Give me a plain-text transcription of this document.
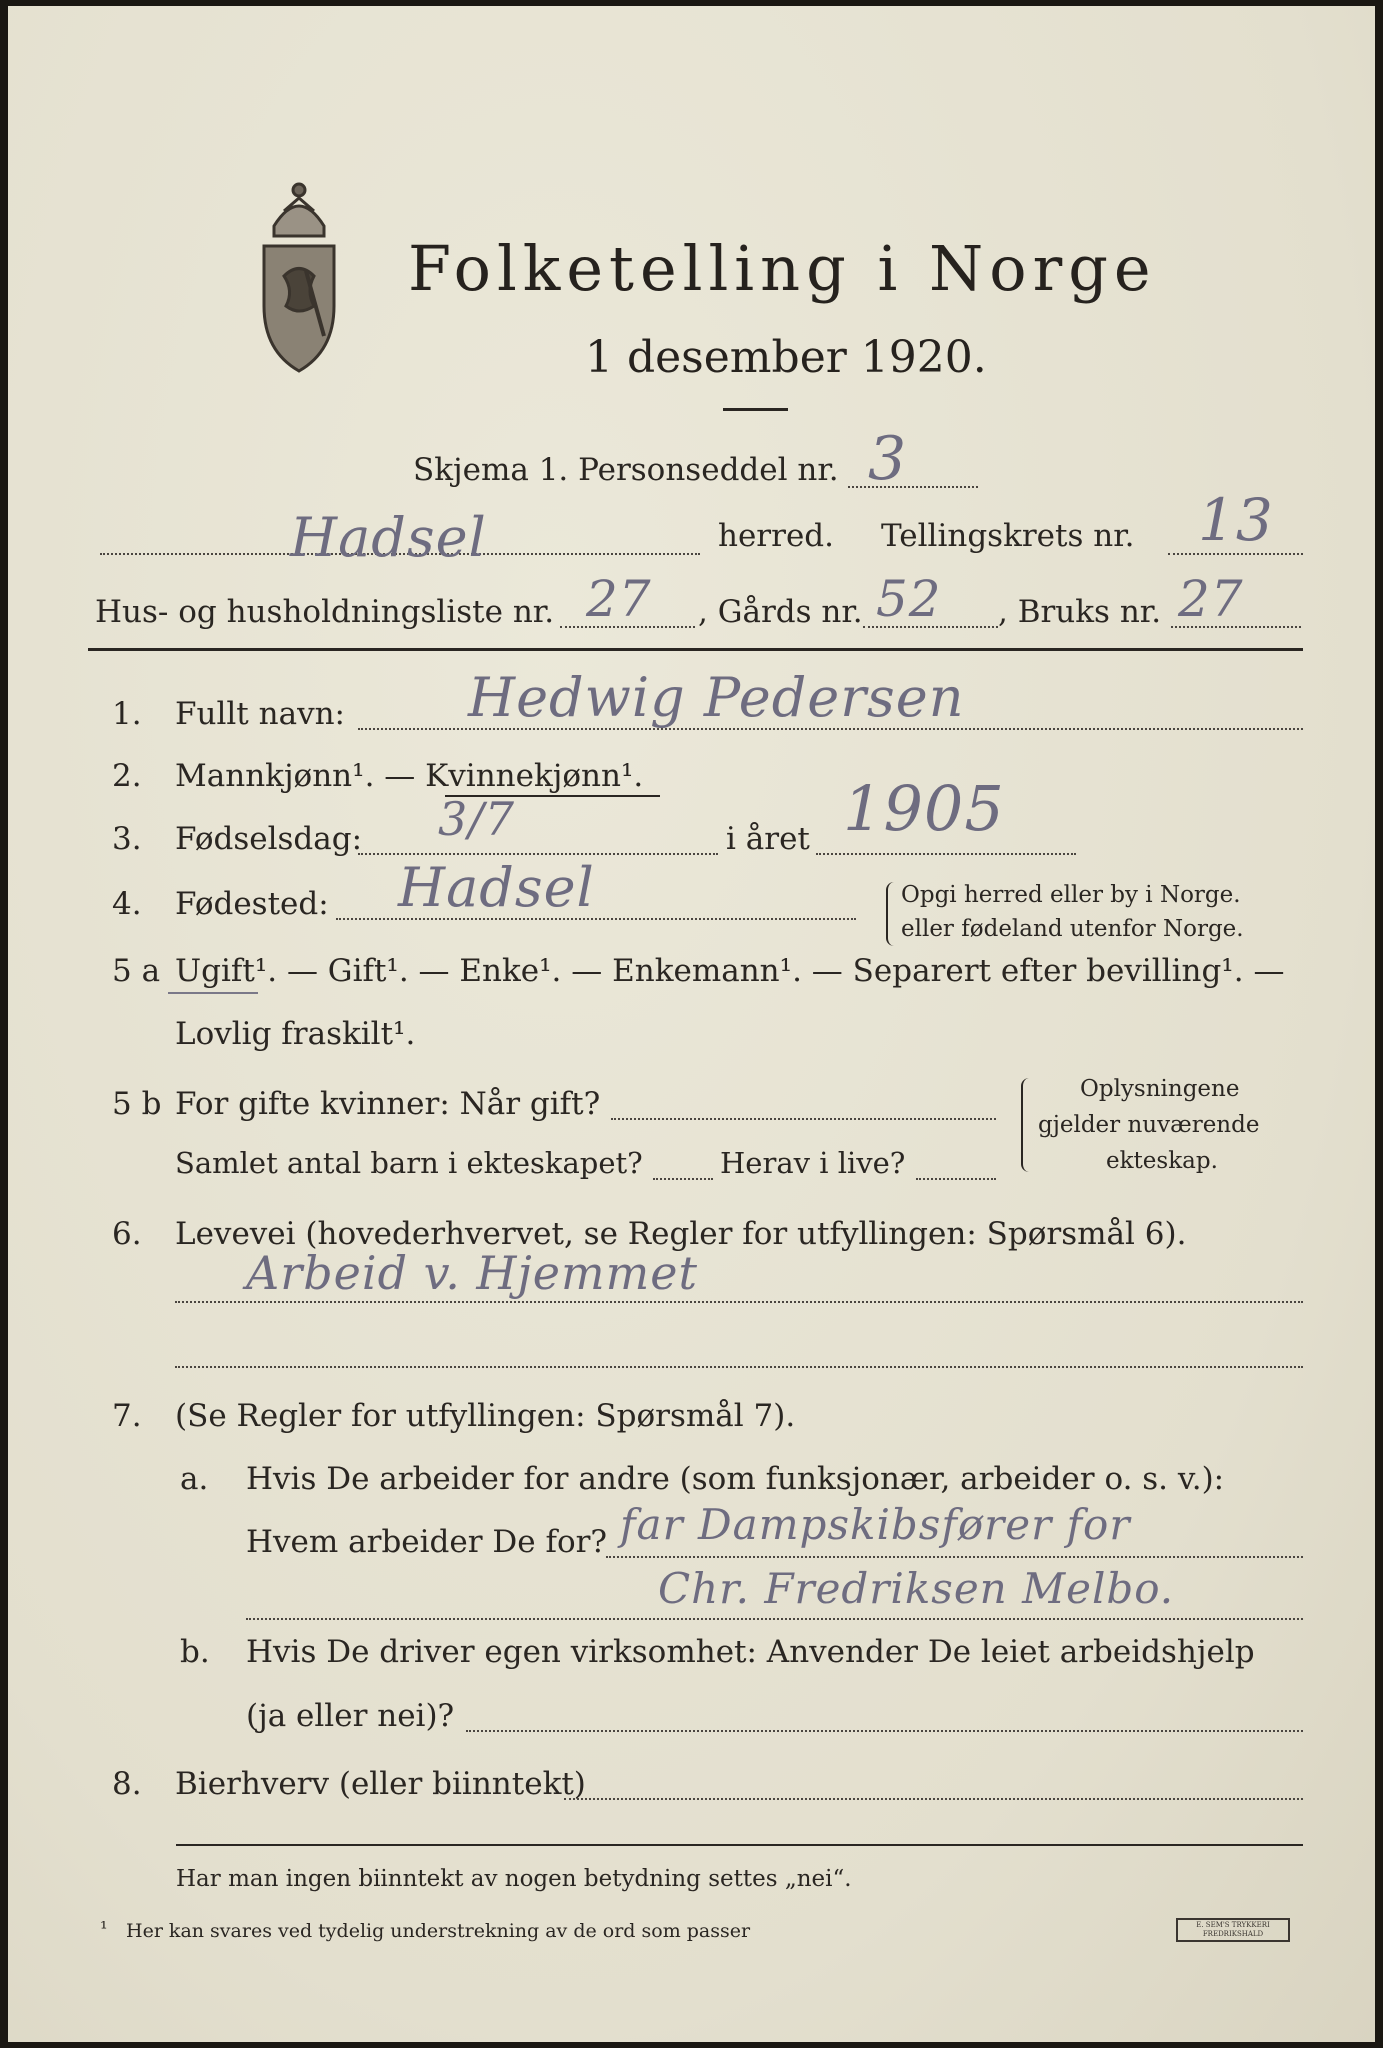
Folketelling i Norge
1 desember 1920.
Skjema 1. Personseddel nr. 3
Hadsel	herred. Tellingskrets nr. 13
Hus- og husholdningsliste nr. 27 , Gårds nr. 52 , Bruks nr. 27
1. Fullt navn: Hedwig Pedersen
2. Mannkjønn¹. — Kvinnekjønn¹.
3. Fødselsdag: 3/7	i året 1905
4. Fødested: Hadsel	Opgi herred eller by i Norge.
eller fødeland utenfor Norge.
5 a Ugift¹. — Gift¹. — Enke¹. — Enkemann¹. — Separert efter bevilling¹. —
Lovlig fraskilt¹.
5 b For gifte kvinner: Når gift?
Samlet antal barn i ekteskapet?	Herav i live?
Oplysningene
gjelder nuværende
ekteskap.
6. Levevei (hovederhvervet, se Regler for utfyllingen: Spørsmål 6).
Arbeid v. Hjemmet
7. (Se Regler for utfyllingen: Spørsmål 7).
a. Hvis De arbeider for andre (som funksjonær, arbeider o. s. v.):
Hvem arbeider De for? far Dampskibsfører for
Chr. Fredriksen Melbo.
b. Hvis De driver egen virksomhet: Anvender De leiet arbeidshjelp
(ja eller nei)?
8. Bierhverv (eller biinntekt)
Har man ingen biinntekt av nogen betydning settes „nei“.
¹ Her kan svares ved tydelig understrekning av de ord som passer	E. SEM'S TRYKKERI FREDRIKSHALD
